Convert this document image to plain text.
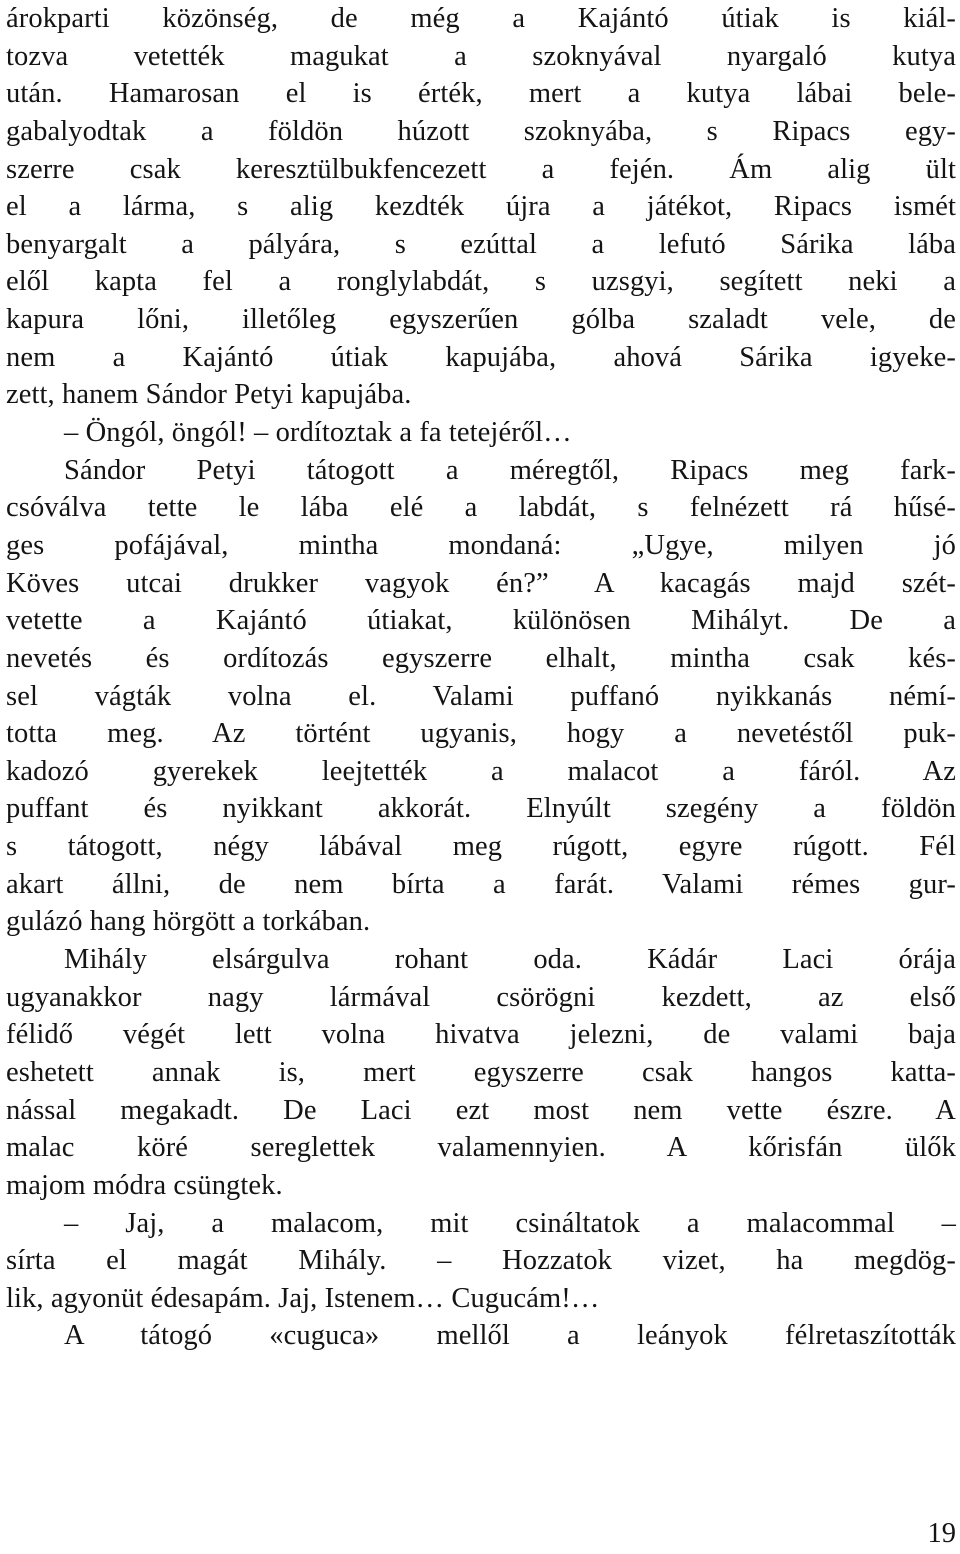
árokparti közönség, de még a Kajántó útiak is kiál-
tozva vetették magukat a szoknyával nyargaló kutya
után. Hamarosan el is érték, mert a kutya lábai bele-
gabalyodtak a földön húzott szoknyába, s Ripacs egy-
szerre csak keresztülbukfencezett a fején. Ám alig ült
el a lárma, s alig kezdték újra a játékot, Ripacs ismét
benyargalt a pályára, s ezúttal a lefutó Sárika lába
elől kapta fel a ronglylabdát, s uzsgyi, segített neki a
kapura lőni, illetőleg egyszerűen gólba szaladt vele, de
nem a Kajántó útiak kapujába, ahová Sárika igyeke-
zett, hanem Sándor Petyi kapujába.
– Öngól, öngól! – ordítoztak a fa tetejéről…
Sándor Petyi tátogott a méregtől, Ripacs meg fark-
csóválva tette le lába elé a labdát, s felnézett rá hűsé-
ges pofájával, mintha mondaná: „Ugye, milyen jó
Köves utcai drukker vagyok én?” A kacagás majd szét-
vetette a Kajántó útiakat, különösen Mihályt. De a
nevetés és ordítozás egyszerre elhalt, mintha csak kés-
sel vágták volna el. Valami puffanó nyikkanás némí-
totta meg. Az történt ugyanis, hogy a nevetéstől puk-
kadozó gyerekek leejtették a malacot a fáról. Az
puffant és nyikkant akkorát. Elnyúlt szegény a földön
s tátogott, négy lábával meg rúgott, egyre rúgott. Fél
akart állni, de nem bírta a farát. Valami rémes gur-
gulázó hang hörgött a torkában.
Mihály elsárgulva rohant oda. Kádár Laci órája
ugyanakkor nagy lármával csörögni kezdett, az első
félidő végét lett volna hivatva jelezni, de valami baja
eshetett annak is, mert egyszerre csak hangos katta-
nással megakadt. De Laci ezt most nem vette észre. A
malac köré sereglettek valamennyien. A kőrisfán ülők
majom módra csüngtek.
– Jaj, a malacom, mit csináltatok a malacommal –
sírta el magát Mihály. – Hozzatok vizet, ha megdög-
lik, agyonüt édesapám. Jaj, Istenem… Cugucám!…
A tátogó «cuguca» mellől a leányok félretaszították
19
